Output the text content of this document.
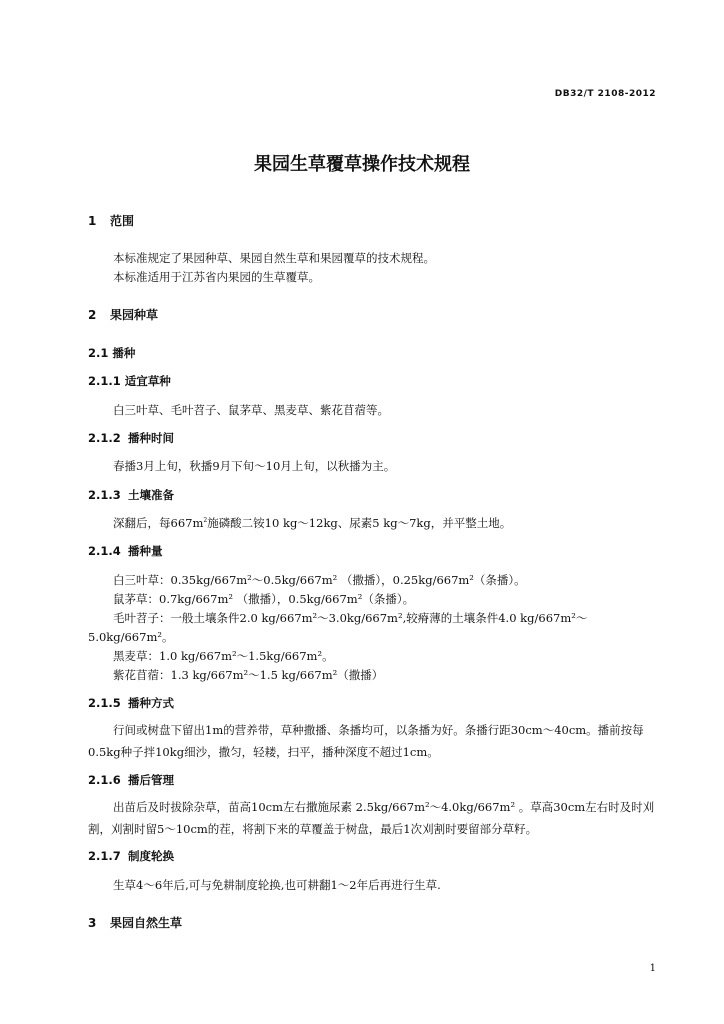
DB32/T 2108-2012
果园生草覆草操作技术规程
1 范围
本标准规定了果园种草、果园自然生草和果园覆草的技术规程。
本标准适用于江苏省内果园的生草覆草。
2 果园种草
2.1 播种
2.1.1 适宜草种
白三叶草、毛叶苕子、鼠茅草、黑麦草、紫花苜蓿等。
2.1.2 播种时间
春播3月上旬，秋播9月下旬～10月上旬，以秋播为主。
2.1.3 土壤准备
深翻后，每$667m^2$施磷酸二铵10 kg～12kg、尿素5 kg～7kg，并平整土地。
2.1.4 播种量
白三叶草：0.35kg/667m²～0.5kg/667m² （撒播），0.25kg/667m²（条播）。
鼠茅草：0.7kg/667m² （撒播），0.5kg/667m²（条播）。
毛叶苕子：一般土壤条件2.0 kg/667m²～3.0kg/667m²,较瘠薄的土壤条件4.0 kg/667m²～
5.0kg/667m²。
黑麦草：1.0 kg/667m²～1.5kg/667m²。
紫花苜蓿：1.3 kg/667m²～1.5 kg/667m²（撒播）
2.1.5 播种方式
行间或树盘下留出1m的营养带，草种撒播、条播均可，以条播为好。条播行距30cm～40cm。播前按每0.5kg种子拌10kg细沙，撒匀，轻耧，扫平，播种深度不超过1cm。
2.1.6 播后管理
出苗后及时拔除杂草，苗高10cm左右撒施尿素 2.5kg/667m²～4.0kg/667m² 。草高30cm左右时及时刈割，刈割时留5～10cm的茬，将割下来的草覆盖于树盘，最后1次刈割时要留部分草籽。
2.1.7 制度轮换
生草4～6年后,可与免耕制度轮换,也可耕翻1～2年后再进行生草.
3 果园自然生草
1
